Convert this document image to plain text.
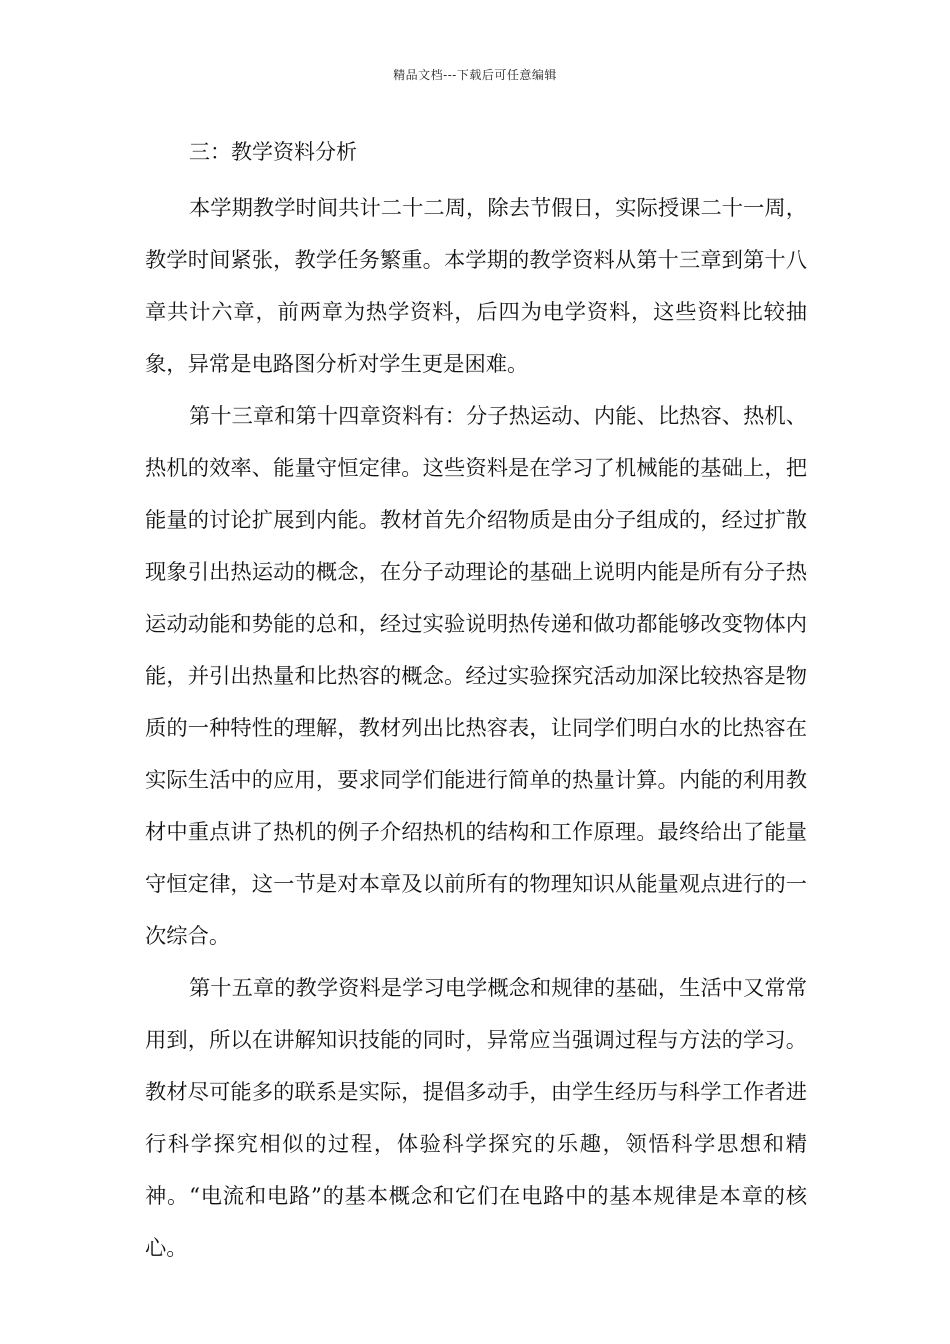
精品文档---下载后可任意编辑

三：教学资料分析

本学期教学时间共计二十二周，除去节假日，实际授课二十一周，教学时间紧张，教学任务繁重。本学期的教学资料从第十三章到第十八章共计六章，前两章为热学资料，后四为电学资料，这些资料比较抽象，异常是电路图分析对学生更是困难。

第十三章和第十四章资料有：分子热运动、内能、比热容、热机、热机的效率、能量守恒定律。这些资料是在学习了机械能的基础上，把能量的讨论扩展到内能。教材首先介绍物质是由分子组成的，经过扩散现象引出热运动的概念，在分子动理论的基础上说明内能是所有分子热运动动能和势能的总和，经过实验说明热传递和做功都能够改变物体内能，并引出热量和比热容的概念。经过实验探究活动加深比较热容是物质的一种特性的理解，教材列出比热容表，让同学们明白水的比热容在实际生活中的应用，要求同学们能进行简单的热量计算。内能的利用教材中重点讲了热机的例子介绍热机的结构和工作原理。最终给出了能量守恒定律，这一节是对本章及以前所有的物理知识从能量观点进行的一次综合。

第十五章的教学资料是学习电学概念和规律的基础，生活中又常常用到，所以在讲解知识技能的同时，异常应当强调过程与方法的学习。教材尽可能多的联系是实际，提倡多动手，由学生经历与科学工作者进行科学探究相似的过程，体验科学探究的乐趣，领悟科学思想和精神。“电流和电路”的基本概念和它们在电路中的基本规律是本章的核心。
